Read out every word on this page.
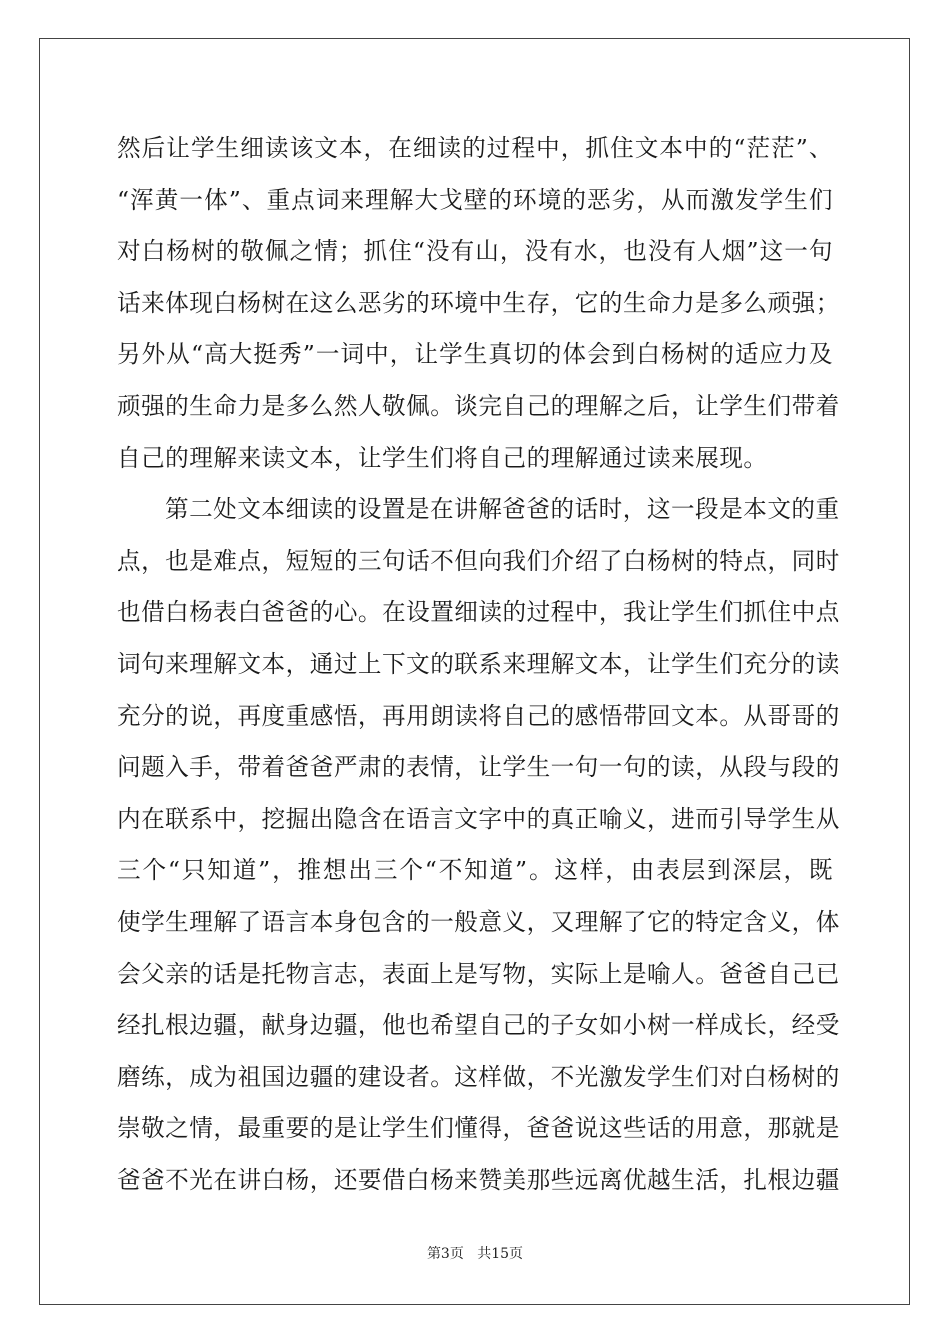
然后让学生细读该文本，在细读的过程中，抓住文本中的“茫茫”、
“浑黄一体”、重点词来理解大戈壁的环境的恶劣，从而激发学生们
对白杨树的敬佩之情；抓住“没有山，没有水，也没有人烟”这一句
话来体现白杨树在这么恶劣的环境中生存，它的生命力是多么顽强；
另外从“高大挺秀”一词中，让学生真切的体会到白杨树的适应力及
顽强的生命力是多么然人敬佩。谈完自己的理解之后，让学生们带着
自己的理解来读文本，让学生们将自己的理解通过读来展现。
第二处文本细读的设置是在讲解爸爸的话时，这一段是本文的重
点，也是难点，短短的三句话不但向我们介绍了白杨树的特点，同时
也借白杨表白爸爸的心。在设置细读的过程中，我让学生们抓住中点
词句来理解文本，通过上下文的联系来理解文本，让学生们充分的读
充分的说，再度重感悟，再用朗读将自己的感悟带回文本。从哥哥的
问题入手，带着爸爸严肃的表情，让学生一句一句的读，从段与段的
内在联系中，挖掘出隐含在语言文字中的真正喻义，进而引导学生从
三个“只知道”，推想出三个“不知道”。这样，由表层到深层，既
使学生理解了语言本身包含的一般意义，又理解了它的特定含义，体
会父亲的话是托物言志，表面上是写物，实际上是喻人。爸爸自己已
经扎根边疆，献身边疆，他也希望自己的子女如小树一样成长，经受
磨练，成为祖国边疆的建设者。这样做，不光激发学生们对白杨树的
崇敬之情，最重要的是让学生们懂得，爸爸说这些话的用意，那就是
爸爸不光在讲白杨，还要借白杨来赞美那些远离优越生活，扎根边疆
第3页 共15页
